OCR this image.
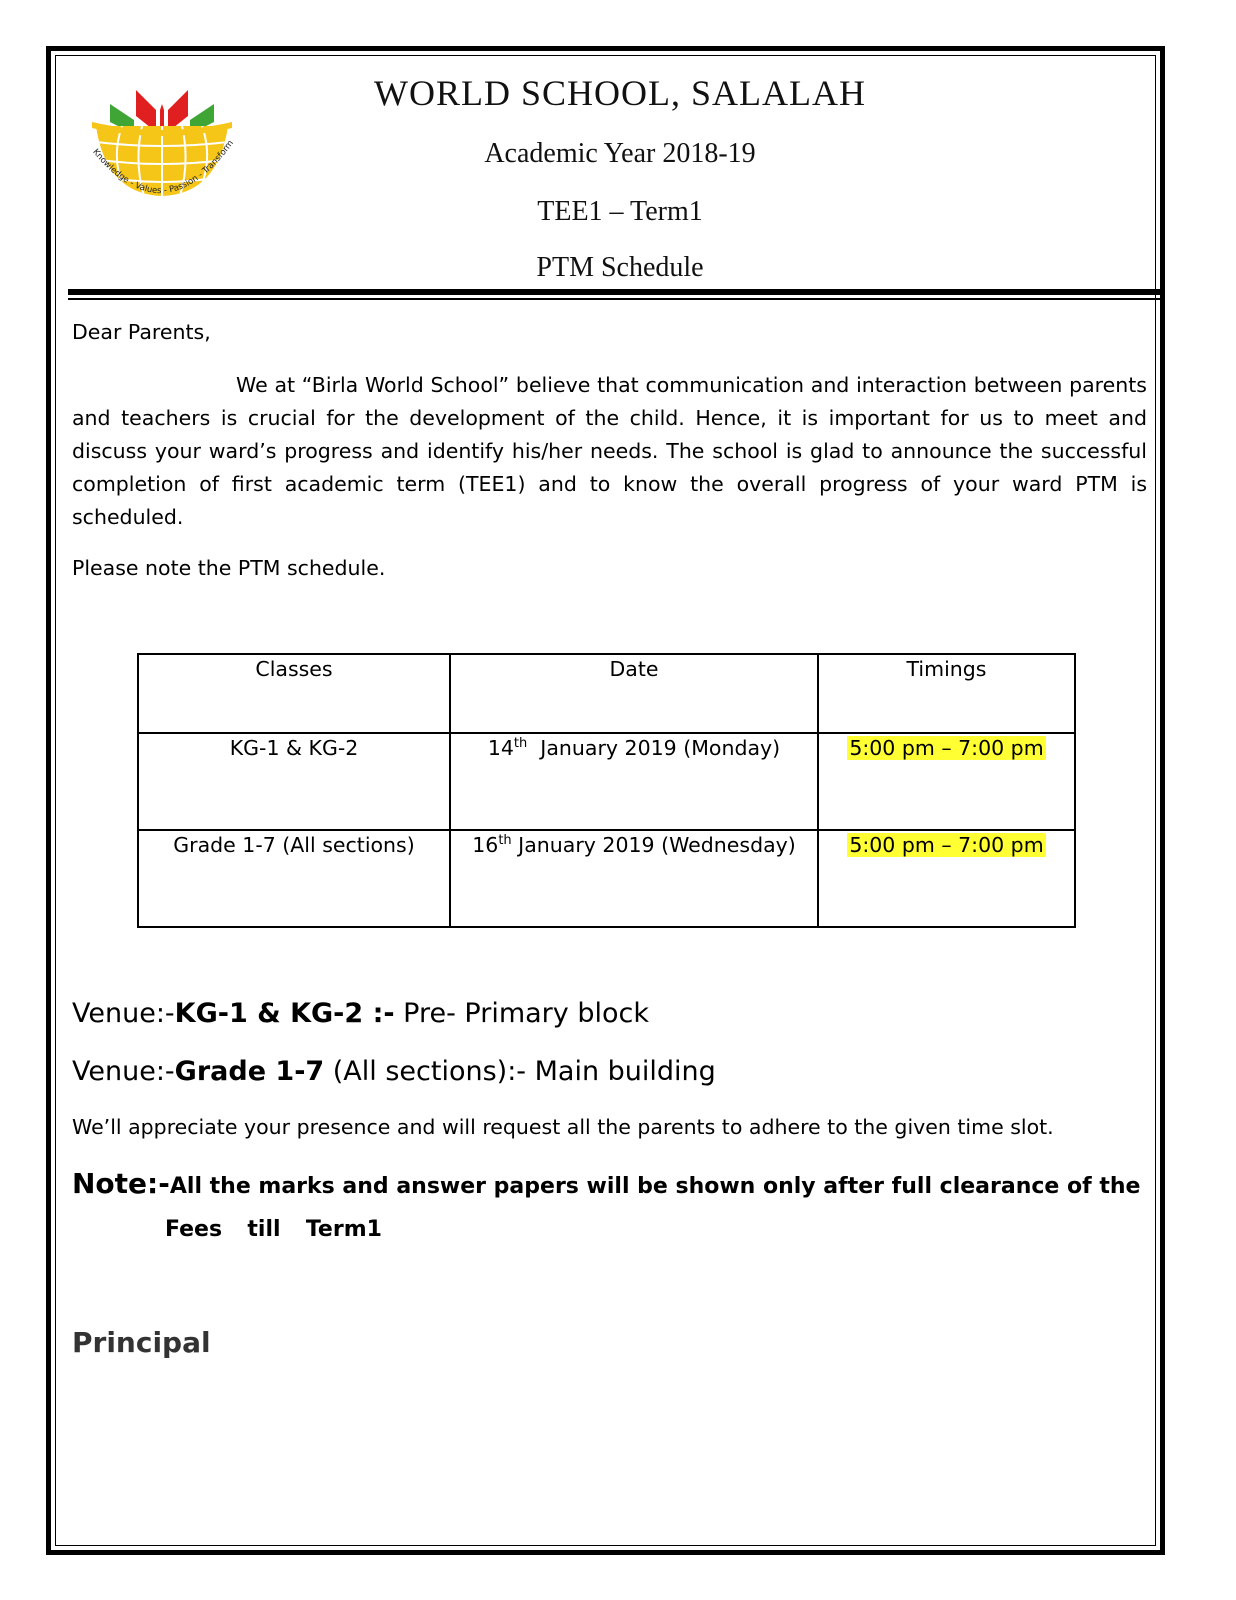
Knowledge - Values - Passion - Transform
WORLD SCHOOL, SALALAH
Academic Year 2018-19
TEE1 – Term1
PTM Schedule
Dear Parents,
We at “Birla World School” believe that communication and interaction between parents and teachers is crucial for the development of the child. Hence, it is important for us to meet and discuss your ward’s progress and identify his/her needs. The school is glad to announce the successful completion of first academic term (TEE1) and to know the overall progress of your ward PTM is scheduled.
Please note the PTM schedule.
Classes	Date	Timings
KG-1 & KG-2	14th  January 2019 (Monday)	5:00 pm – 7:00 pm
Grade 1-7 (All sections)	16th January 2019 (Wednesday)	5:00 pm – 7:00 pm
Venue:-KG-1 & KG-2 :- Pre- Primary block
Venue:-Grade 1-7 (All sections):- Main building
We’ll appreciate your presence and will request all the parents to adhere to the given time slot.
Note:-All the marks and answer papers will be shown only after full clearance of the
Fees  till  Term1
Principal
